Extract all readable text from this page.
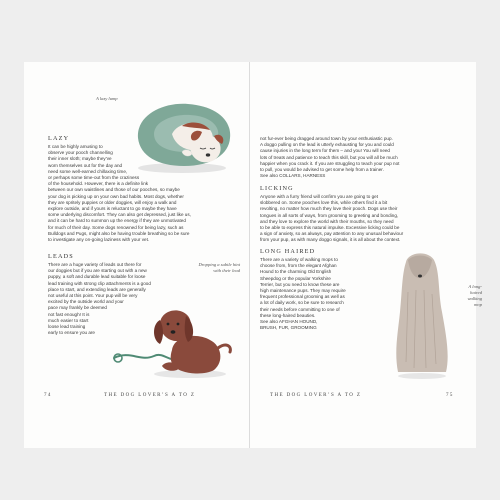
A lazy lump
LAZY
It can be highly amusing to
observe your pooch channelling
their inner sloth; maybe they’ve
worn themselves out for the day and
need some well-earned chillaxing time,
or perhaps some time-out from the craziness
of the household. However, there is a definite link
between our own waistlines and those of our pooches, so maybe
your dog is picking up on your own bad habits. Most dogs, whether
they are spritely puppies or older doggies, will enjoy a walk and
explore outside, and if yours is reluctant to go maybe they have
some underlying discomfort. They can also get depressed, just like us,
and it can be hard to summon up the energy if they are unmotivated
for much of their day. Some dogs renowned for being lazy, such as
Bulldogs and Pugs, might also be having trouble breathing so be sure
to investigate any on-going laziness with your vet.
LEADS
There are a huge variety of leads out there for
our doggies but if you are starting out with a new
puppy, a soft and durable lead suitable for loose
lead training with strong clip attachments is a good
place to start, and extending leads are generally
not useful at this point. Your pup will be very
excited by the outside world and your
pace may frankly be deemed
not fast enough! It is
much easier to start
loose lead training
early to ensure you are
Dropping a subtle hint
with their lead
74	THE DOG LOVER’S A TO Z
not fur-ever being dragged around town by your enthusiastic pup.
A doggo pulling on the lead is utterly exhausting for you and could
cause injuries in the long term for them – and you! You will need
lots of treats and patience to teach this skill, but you will all be much
happier when you crack it. If you are struggling to teach your pup not
to pull, you would be advised to get some help from a trainer.
See also COLLARS, HARNESS
LICKING
Anyone with a furry friend will confirm you are going to get
slobbered on. Some pooches love this, while others find it a bit
revolting, no matter how much they love their pooch. Dogs use their
tongues in all sorts of ways, from grooming to greeting and bonding,
and they love to explore the world with their mouths, so they need
to be able to express this natural impulse. Excessive licking could be
a sign of anxiety, so as always, pay attention to any unusual behaviour
from your pup, as with many doggo signals, it is all about the context.
LONG HAIRED
There are a variety of walking mops to
choose from, from the elegant Afghan
Hound to the charming Old English
Sheepdog or the popular Yorkshire
Terrier, but you need to know these are
high maintenance pups. They may require
frequent professional grooming as well as
a lot of daily work, so be sure to research
their needs before committing to one of
these long-haired beauties.
See also AFGHAN HOUND,
BRUSH, FUR, GROOMING
A long-
haired
walking
mop
THE DOG LOVER’S A TO Z	75
